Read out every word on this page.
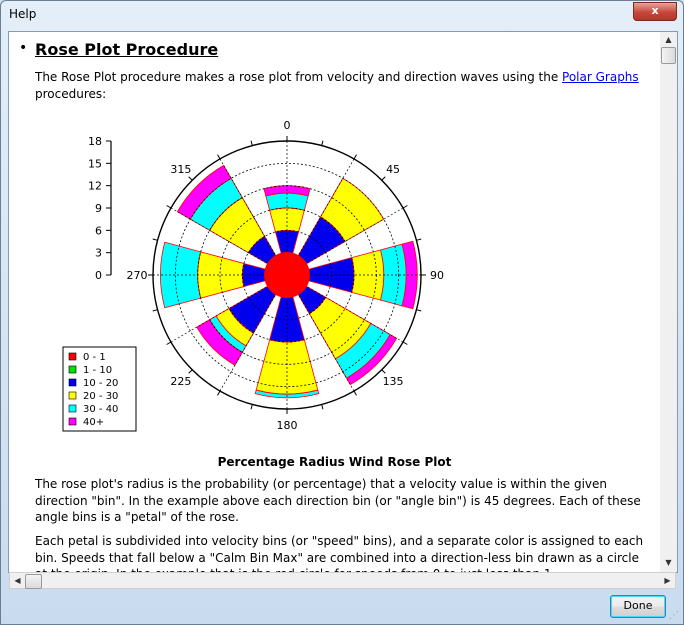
Help	x
• Rose Plot Procedure
The Rose Plot procedure makes a rose plot from velocity and direction waves using the Polar Graphs procedures:
0
45
90
135
180
225
270
315
0
3
6
9
12
15
18
0 - 1
1 - 10
10 - 20
20 - 30
30 - 40
40+
Percentage Radius Wind Rose Plot
The rose plot's radius is the probability (or percentage) that a velocity value is within the given direction "bin". In the example above each direction bin (or "angle bin") is 45 degrees. Each of these angle bins is a "petal" of the rose.
Each petal is subdivided into velocity bins (or "speed" bins), and a separate color is assigned to each bin. Speeds that fall below a "Calm Bin Max" are combined into a direction-less bin drawn as a circle
▲
▼
◀	▶
Done
⋰
